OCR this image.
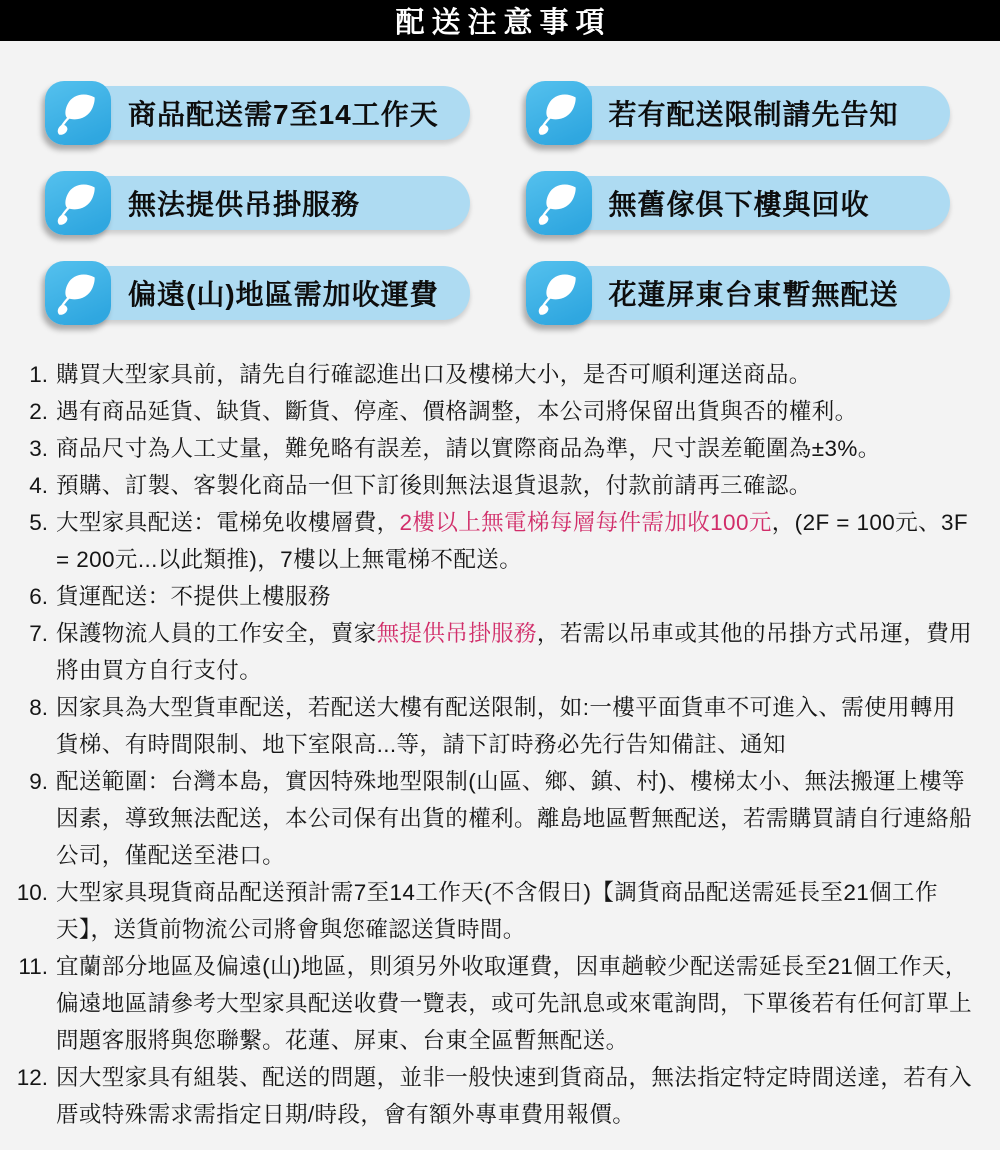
配送注意事項
商品配送需7至14工作天	若有配送限制請先告知
無法提供吊掛服務	無舊傢俱下樓與回收
偏遠(山)地區需加收運費	花蓮屏東台東暫無配送
1. 購買大型家具前，請先自行確認進出口及樓梯大小，是否可順利運送商品。
2. 遇有商品延貨、缺貨、斷貨、停產、價格調整，本公司將保留出貨與否的權利。
3. 商品尺寸為人工丈量，難免略有誤差，請以實際商品為準，尺寸誤差範圍為±3%。
4. 預購、訂製、客製化商品一但下訂後則無法退貨退款，付款前請再三確認。
5. 大型家具配送：電梯免收樓層費，2樓以上無電梯每層每件需加收100元，(2F = 100元、3F = 200元...以此類推)，7樓以上無電梯不配送。
6. 貨運配送：不提供上樓服務
7. 保護物流人員的工作安全，賣家無提供吊掛服務，若需以吊車或其他的吊掛方式吊運，費用將由買方自行支付。
8. 因家具為大型貨車配送，若配送大樓有配送限制，如:一樓平面貨車不可進入、需使用轉用貨梯、有時間限制、地下室限高...等，請下訂時務必先行告知備註、通知
9. 配送範圍：台灣本島，實因特殊地型限制(山區、鄉、鎮、村)、樓梯太小、無法搬運上樓等因素，導致無法配送，本公司保有出貨的權利。離島地區暫無配送，若需購買請自行連絡船公司，僅配送至港口。
10. 大型家具現貨商品配送預計需7至14工作天(不含假日)【調貨商品配送需延長至21個工作天】，送貨前物流公司將會與您確認送貨時間。
11. 宜蘭部分地區及偏遠(山)地區，則須另外收取運費，因車趟較少配送需延長至21個工作天，偏遠地區請參考大型家具配送收費一覽表，或可先訊息或來電詢問，下單後若有任何訂單上問題客服將與您聯繫。花蓮、屏東、台東全區暫無配送。
12. 因大型家具有組裝、配送的問題，並非一般快速到貨商品，無法指定特定時間送達，若有入厝或特殊需求需指定日期/時段，會有額外專車費用報價。
